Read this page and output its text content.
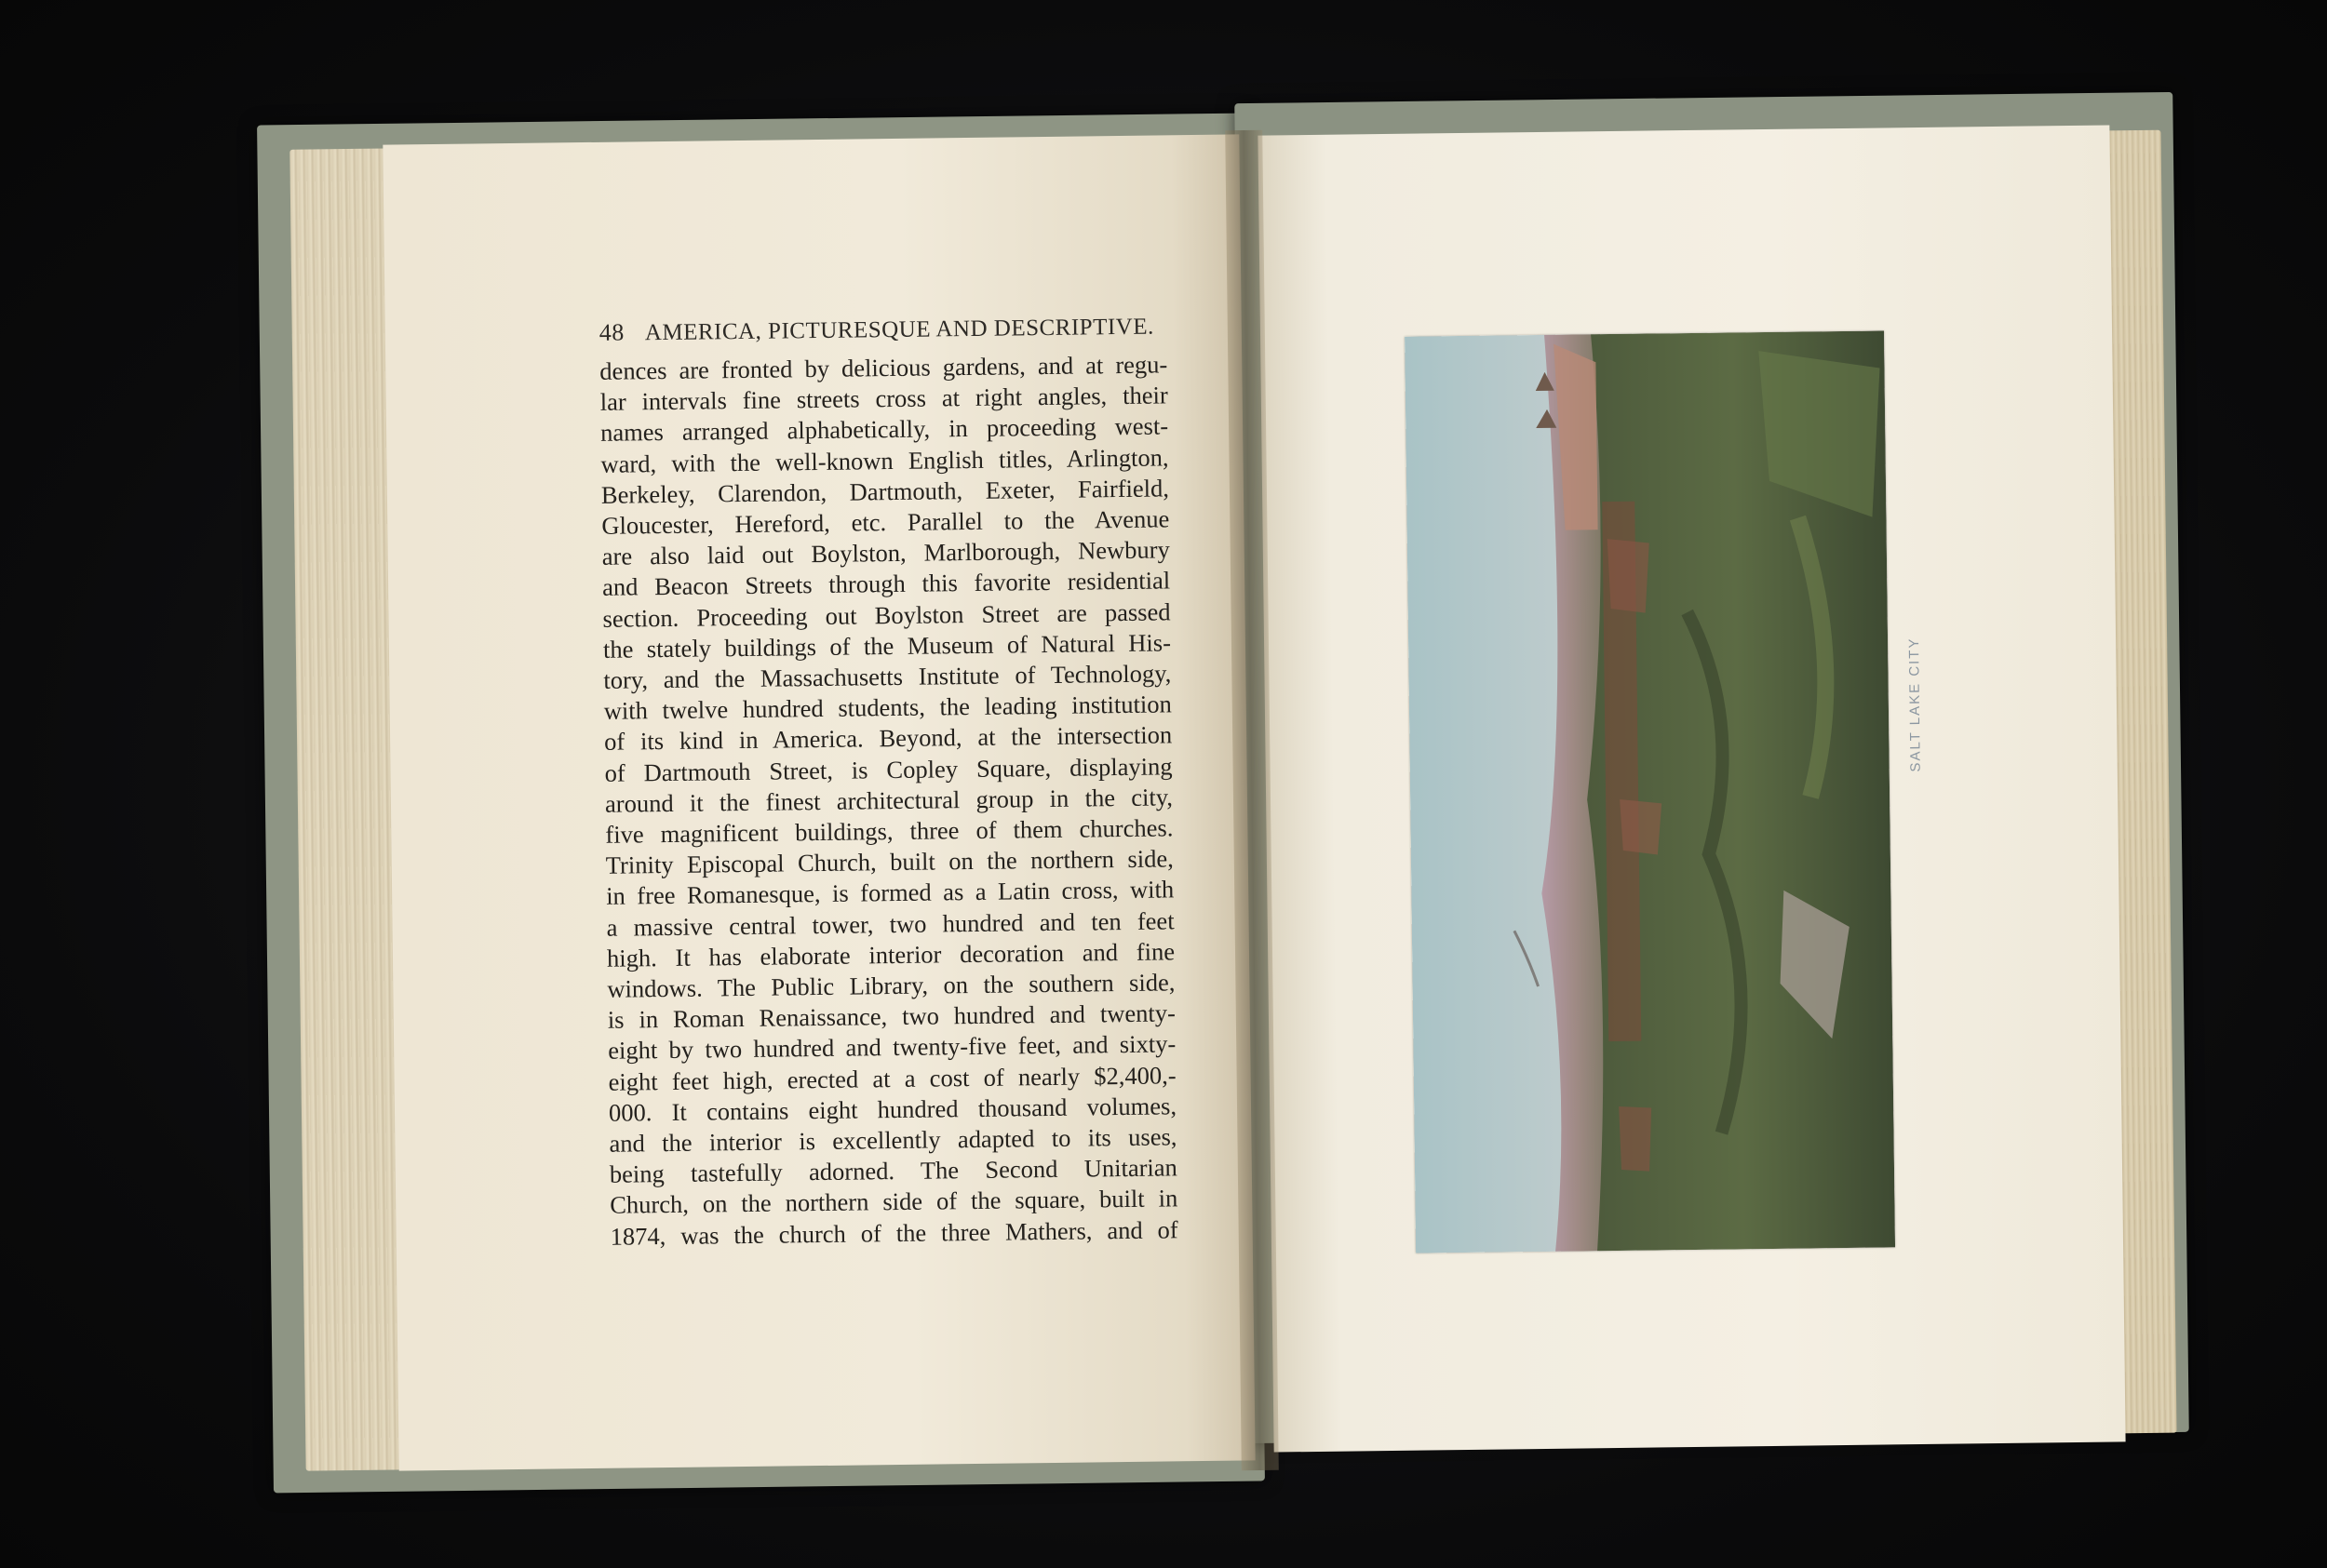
48 AMERICA, PICTURESQUE AND DESCRIPTIVE.
dences are fronted by delicious gardens, and at regu-
lar intervals fine streets cross at right angles, their
names arranged alphabetically, in proceeding west-
ward, with the well-known English titles, Arlington,
Berkeley, Clarendon, Dartmouth, Exeter, Fairfield,
Gloucester, Hereford, etc. Parallel to the Avenue
are also laid out Boylston, Marlborough, Newbury
and Beacon Streets through this favorite residential
section. Proceeding out Boylston Street are passed
the stately buildings of the Museum of Natural His-
tory, and the Massachusetts Institute of Technology,
with twelve hundred students, the leading institution
of its kind in America. Beyond, at the intersection
of Dartmouth Street, is Copley Square, displaying
around it the finest architectural group in the city,
five magnificent buildings, three of them churches.
Trinity Episcopal Church, built on the northern side,
in free Romanesque, is formed as a Latin cross, with
a massive central tower, two hundred and ten feet
high. It has elaborate interior decoration and fine
windows. The Public Library, on the southern side,
is in Roman Renaissance, two hundred and twenty-
eight by two hundred and twenty-five feet, and sixty-
eight feet high, erected at a cost of nearly $2,400,-
000. It contains eight hundred thousand volumes,
and the interior is excellently adapted to its uses,
being tastefully adorned. The Second Unitarian
Church, on the northern side of the square, built in
1874, was the church of the three Mathers, and of
SALT LAKE CITY
